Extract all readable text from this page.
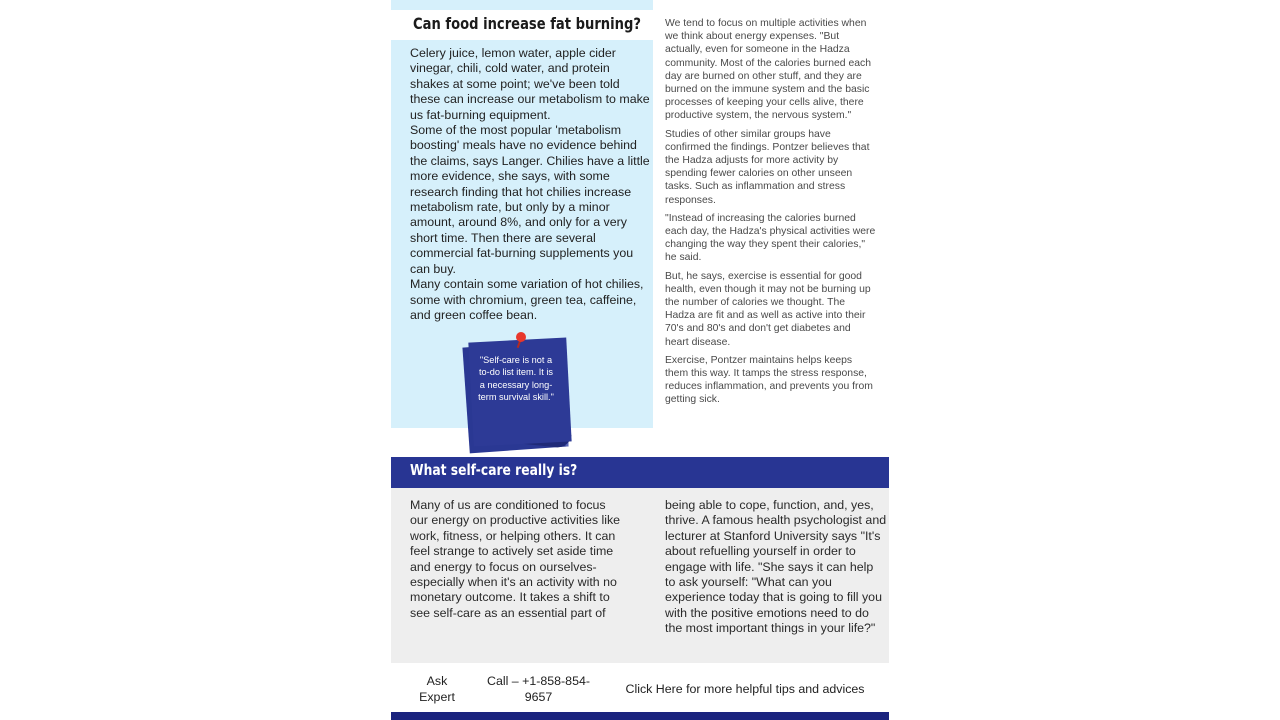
Can food increase fat burning?

Celery juice, lemon water, apple cider vinegar, chili, cold water, and protein shakes at some point; we've been told these can increase our metabolism to make us fat-burning equipment.

Some of the most popular 'metabolism boosting' meals have no evidence behind the claims, says Langer. Chilies have a little more evidence, she says, with some research finding that hot chilies increase metabolism rate, but only by a minor amount, around 8%, and only for a very short time. Then there are several commercial fat-burning supplements you can buy.

Many contain some variation of hot chilies, some with chromium, green tea, caffeine, and green coffee bean.

"Self-care is not a to-do list item. It is a necessary long-term survival skill."

We tend to focus on multiple activities when we think about energy expenses. "But actually, even for someone in the Hadza community. Most of the calories burned each day are burned on other stuff, and they are burned on the immune system and the basic processes of keeping your cells alive, there productive system, the nervous system."

Studies of other similar groups have confirmed the findings. Pontzer believes that the Hadza adjusts for more activity by spending fewer calories on other unseen tasks. Such as inflammation and stress responses.

"Instead of increasing the calories burned each day, the Hadza's physical activities were changing the way they spent their calories," he said.

But, he says, exercise is essential for good health, even though it may not be burning up the number of calories we thought. The Hadza are fit and as well as active into their 70's and 80's and don't get diabetes and heart disease.

Exercise, Pontzer maintains helps keeps them this way. It tamps the stress response, reduces inflammation, and prevents you from getting sick.

What self-care really is?
Many of us are conditioned to focus our energy on productive activities like work, fitness, or helping others. It can feel strange to actively set aside time and energy to focus on ourselves-especially when it's an activity with no monetary outcome. It takes a shift to see self-care as an essential part of
being able to cope, function, and, yes, thrive. A famous health psychologist and lecturer at Stanford University says "It's about refuelling yourself in order to engage with life. "She says it can help to ask yourself: "What can you experience today that is going to fill you with the positive emotions need to do the most important things in your life?"
Ask Expert
Call – +1-858-854-9657
Click Here for more helpful tips and advices
